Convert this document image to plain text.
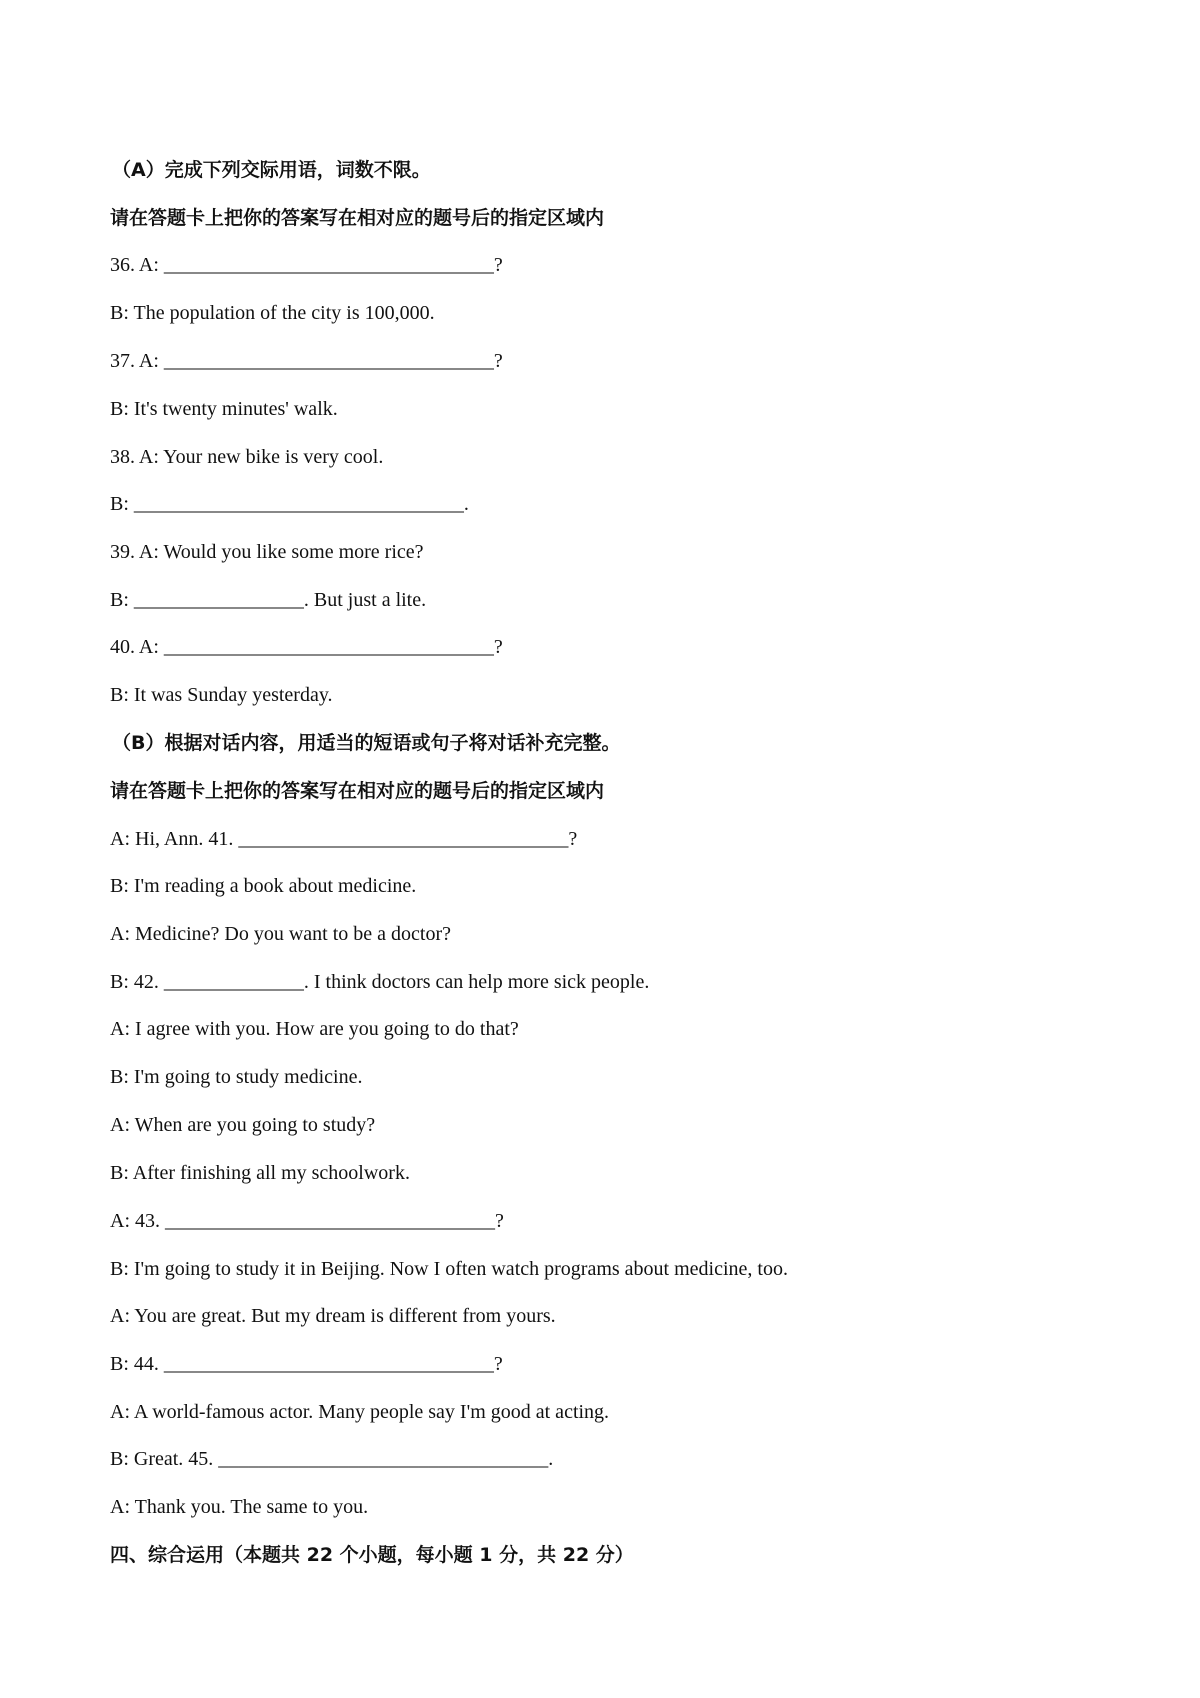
（A）完成下列交际用语，词数不限。
请在答题卡上把你的答案写在相对应的题号后的指定区域内
36. A: _________________________________?
B: The population of the city is 100,000.
37. A: _________________________________?
B: It's twenty minutes' walk.
38. A: Your new bike is very cool.
B: _________________________________.
39. A: Would you like some more rice?
B: _________________. But just a lite.
40. A: _________________________________?
B: It was Sunday yesterday.
（B）根据对话内容，用适当的短语或句子将对话补充完整。
请在答题卡上把你的答案写在相对应的题号后的指定区域内
A: Hi, Ann. 41. _________________________________?
B: I'm reading a book about medicine.
A: Medicine? Do you want to be a doctor?
B: 42. ______________. I think doctors can help more sick people.
A: I agree with you. How are you going to do that?
B: I'm going to study medicine.
A: When are you going to study?
B: After finishing all my schoolwork.
A: 43. _________________________________?
B: I'm going to study it in Beijing. Now I often watch programs about medicine, too.
A: You are great. But my dream is different from yours.
B: 44. _________________________________?
A: A world-famous actor. Many people say I'm good at acting.
B: Great. 45. _________________________________.
A: Thank you. The same to you.
四、综合运用（本题共 22 个小题，每小题 1 分，共 22 分）
